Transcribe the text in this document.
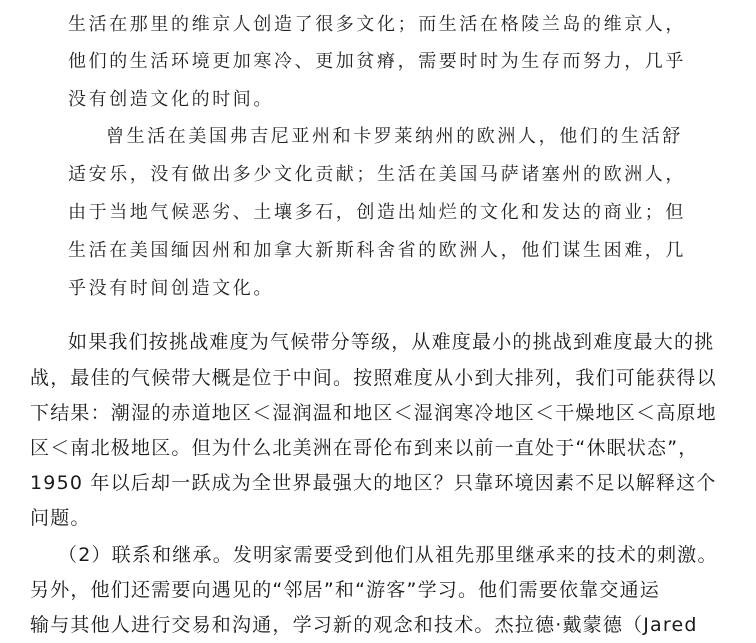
生活在那里的维京人创造了很多文化；而生活在格陵兰岛的维京人，

他们的生活环境更加寒冷、更加贫瘠，需要时时为生存而努力，几乎

没有创造文化的时间。

曾生活在美国弗吉尼亚州和卡罗莱纳州的欧洲人，他们的生活舒

适安乐，没有做出多少文化贡献；生活在美国马萨诸塞州的欧洲人，

由于当地气候恶劣、土壤多石，创造出灿烂的文化和发达的商业；但

生活在美国缅因州和加拿大新斯科舍省的欧洲人，他们谋生困难，几

乎没有时间创造文化。

如果我们按挑战难度为气候带分等级，从难度最小的挑战到难度最大的挑

战，最佳的气候带大概是位于中间。按照难度从小到大排列，我们可能获得以

下结果：潮湿的赤道地区＜湿润温和地区＜湿润寒冷地区＜干燥地区＜高原地

区＜南北极地区。但为什么北美洲在哥伦布到来以前一直处于“休眠状态”，

1950 年以后却一跃成为全世界最强大的地区？只靠环境因素不足以解释这个

问题。

（2）联系和继承。发明家需要受到他们从祖先那里继承来的技术的刺激。

另外，他们还需要向遇见的“邻居”和“游客”学习。他们需要依靠交通运

输与其他人进行交易和沟通，学习新的观念和技术。杰拉德·戴蒙德（Jared
